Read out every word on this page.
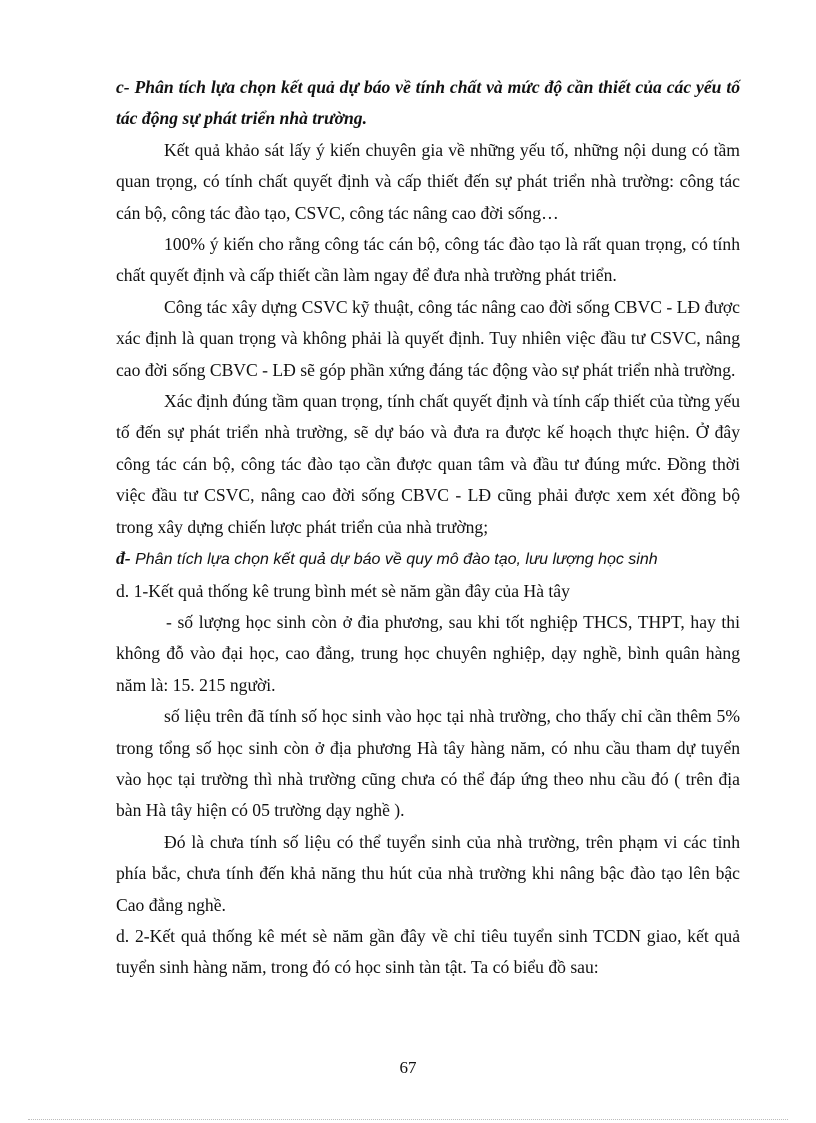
c- Phân tích lựa chọn kết quả dự báo về tính chất và mức độ cần thiết của các yếu tố tác động sự phát triển nhà trường.

Kết quả khảo sát lấy ý kiến chuyên gia về những yếu tố, những nội dung có tầm quan trọng, có tính chất quyết định và cấp thiết đến sự phát triển nhà trường: công tác cán bộ, công tác đào tạo, CSVC, công tác nâng cao đời sống…

100% ý kiến cho rằng công tác cán bộ, công tác đào tạo là rất quan trọng, có tính chất quyết định và cấp thiết cần làm ngay để đưa nhà trường phát triển.

Công tác xây dựng CSVC kỹ thuật, công tác nâng cao đời sống CBVC - LĐ được xác định là quan trọng và không phải là quyết định. Tuy nhiên việc đầu tư CSVC, nâng cao đời sống CBVC - LĐ sẽ góp phần xứng đáng tác động vào sự phát triển nhà trường.

Xác định đúng tầm quan trọng, tính chất quyết định và tính cấp thiết của từng yếu tố đến sự phát triển nhà trường, sẽ dự báo và đưa ra được kế hoạch thực hiện. Ở đây công tác cán bộ, công tác đào tạo cần được quan tâm và đầu tư đúng mức. Đồng thời việc đầu tư CSVC, nâng cao đời sống CBVC - LĐ cũng phải được xem xét đồng bộ trong xây dựng chiến lược phát triển của nhà trường;

đ- Phân tích lựa chọn kết quả dự báo về quy mô đào tạo, lưu lượng học sinh

d. 1-Kết quả thống kê trung bình mét sè năm gần đây của Hà tây

- số lượng học sinh còn ở đia phương, sau khi tốt nghiệp THCS, THPT, hay thi không đỗ vào đại học, cao đẳng, trung học chuyên nghiệp, dạy nghề, bình quân hàng năm là: 15. 215 người.

số liệu trên đã tính số học sinh vào học tại nhà trường, cho thấy chỉ cần thêm 5% trong tổng số học sinh còn ở địa phương Hà tây hàng năm, có nhu cầu tham dự tuyển vào học tại trường thì nhà trường cũng chưa có thể đáp ứng theo nhu cầu đó ( trên địa bàn Hà tây hiện có 05 trường dạy nghề ).

Đó là chưa tính số liệu có thể tuyển sinh của nhà trường, trên phạm vi các tỉnh phía bắc, chưa tính đến khả năng thu hút của nhà trường khi nâng bậc đào tạo lên bậc Cao đẳng nghề.

d. 2-Kết quả thống kê mét sè năm gần đây về chỉ tiêu tuyển sinh TCDN giao, kết quả tuyển sinh hàng năm, trong đó có học sinh tàn tật. Ta có biểu đồ sau:

67
